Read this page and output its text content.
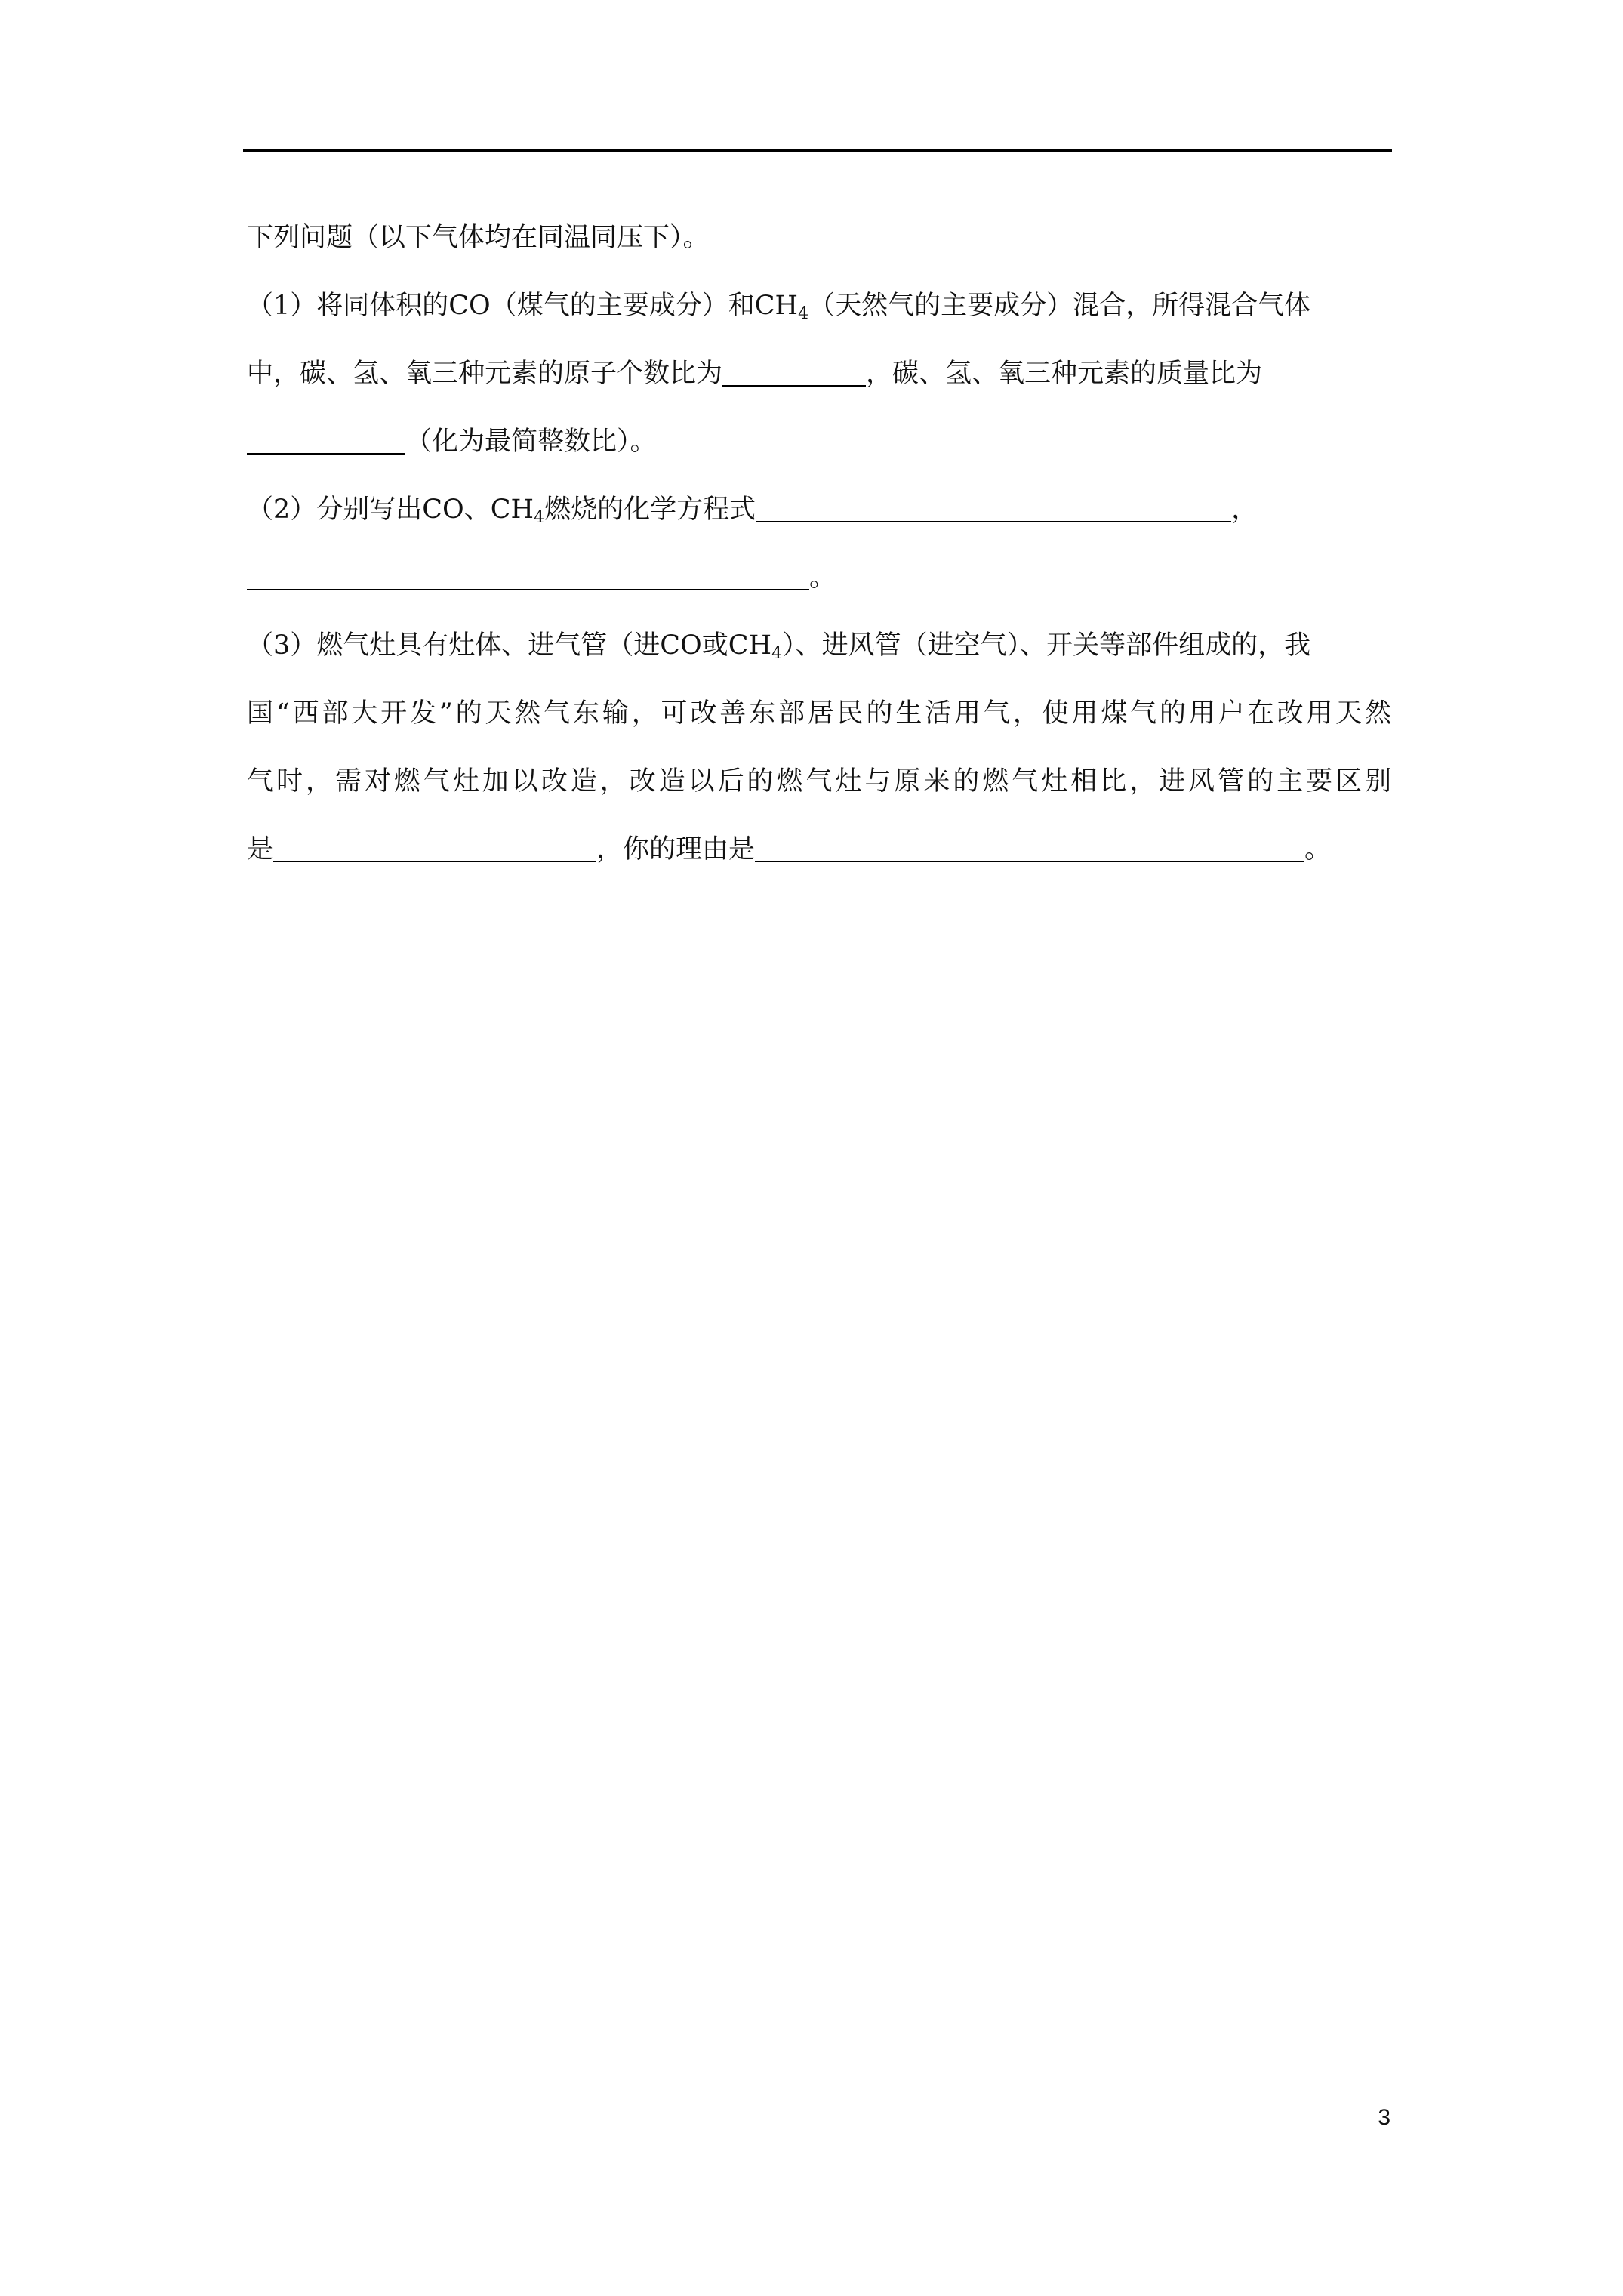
下列问题（以下气体均在同温同压下）。
（1）将同体积的CO（煤气的主要成分）和$CH_4$（天然气的主要成分）混合，所得混合气体
中，碳、氢、氧三种元素的原子个数比为	，碳、氢、氧三种元素的质量比为
（化为最简整数比）。
（2）分别写出CO、$CH_4$燃烧的化学方程式	，
。
（3）燃气灶具有灶体、进气管（进CO或$CH_4$）、进风管（进空气）、开关等部件组成的，我
国“西部大开发”的天然气东输，可改善东部居民的生活用气，使用煤气的用户在改用天然
气时，需对燃气灶加以改造，改造以后的燃气灶与原来的燃气灶相比，进风管的主要区别
是	，你的理由是	。
3
